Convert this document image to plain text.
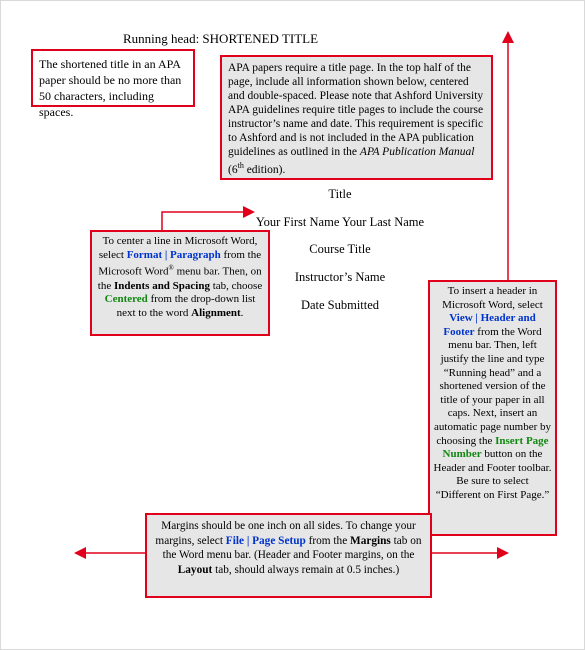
Running head: SHORTENED TITLE
The shortened title in an APA paper should be no more than 50 characters, including spaces.
APA papers require a title page. In the top half of the page, include all information shown below, centered and double-spaced. Please note that Ashford University APA guidelines require title pages to include the course instructor’s name and date. This requirement is specific to Ashford and is not included in the APA publication guidelines as outlined in the APA Publication Manual (6th edition).
Title
Your First Name Your Last Name
Course Title
Instructor’s Name
Date Submitted
To center a line in Microsoft Word, select Format | Paragraph from the Microsoft Word® menu bar. Then, on the Indents and Spacing tab, choose Centered from the drop-down list next to the word Alignment.
To insert a header in Microsoft Word, select View | Header and Footer from the Word menu bar. Then, left justify the line and type “Running head” and a shortened version of the title of your paper in all caps. Next, insert an automatic page number by choosing the Insert Page Number button on the Header and Footer toolbar.
Be sure to select “Different on First Page.”
Margins should be one inch on all sides. To change your margins, select File | Page Setup from the Margins tab on the Word menu bar. (Header and Footer margins, on the Layout tab, should always remain at 0.5 inches.)
